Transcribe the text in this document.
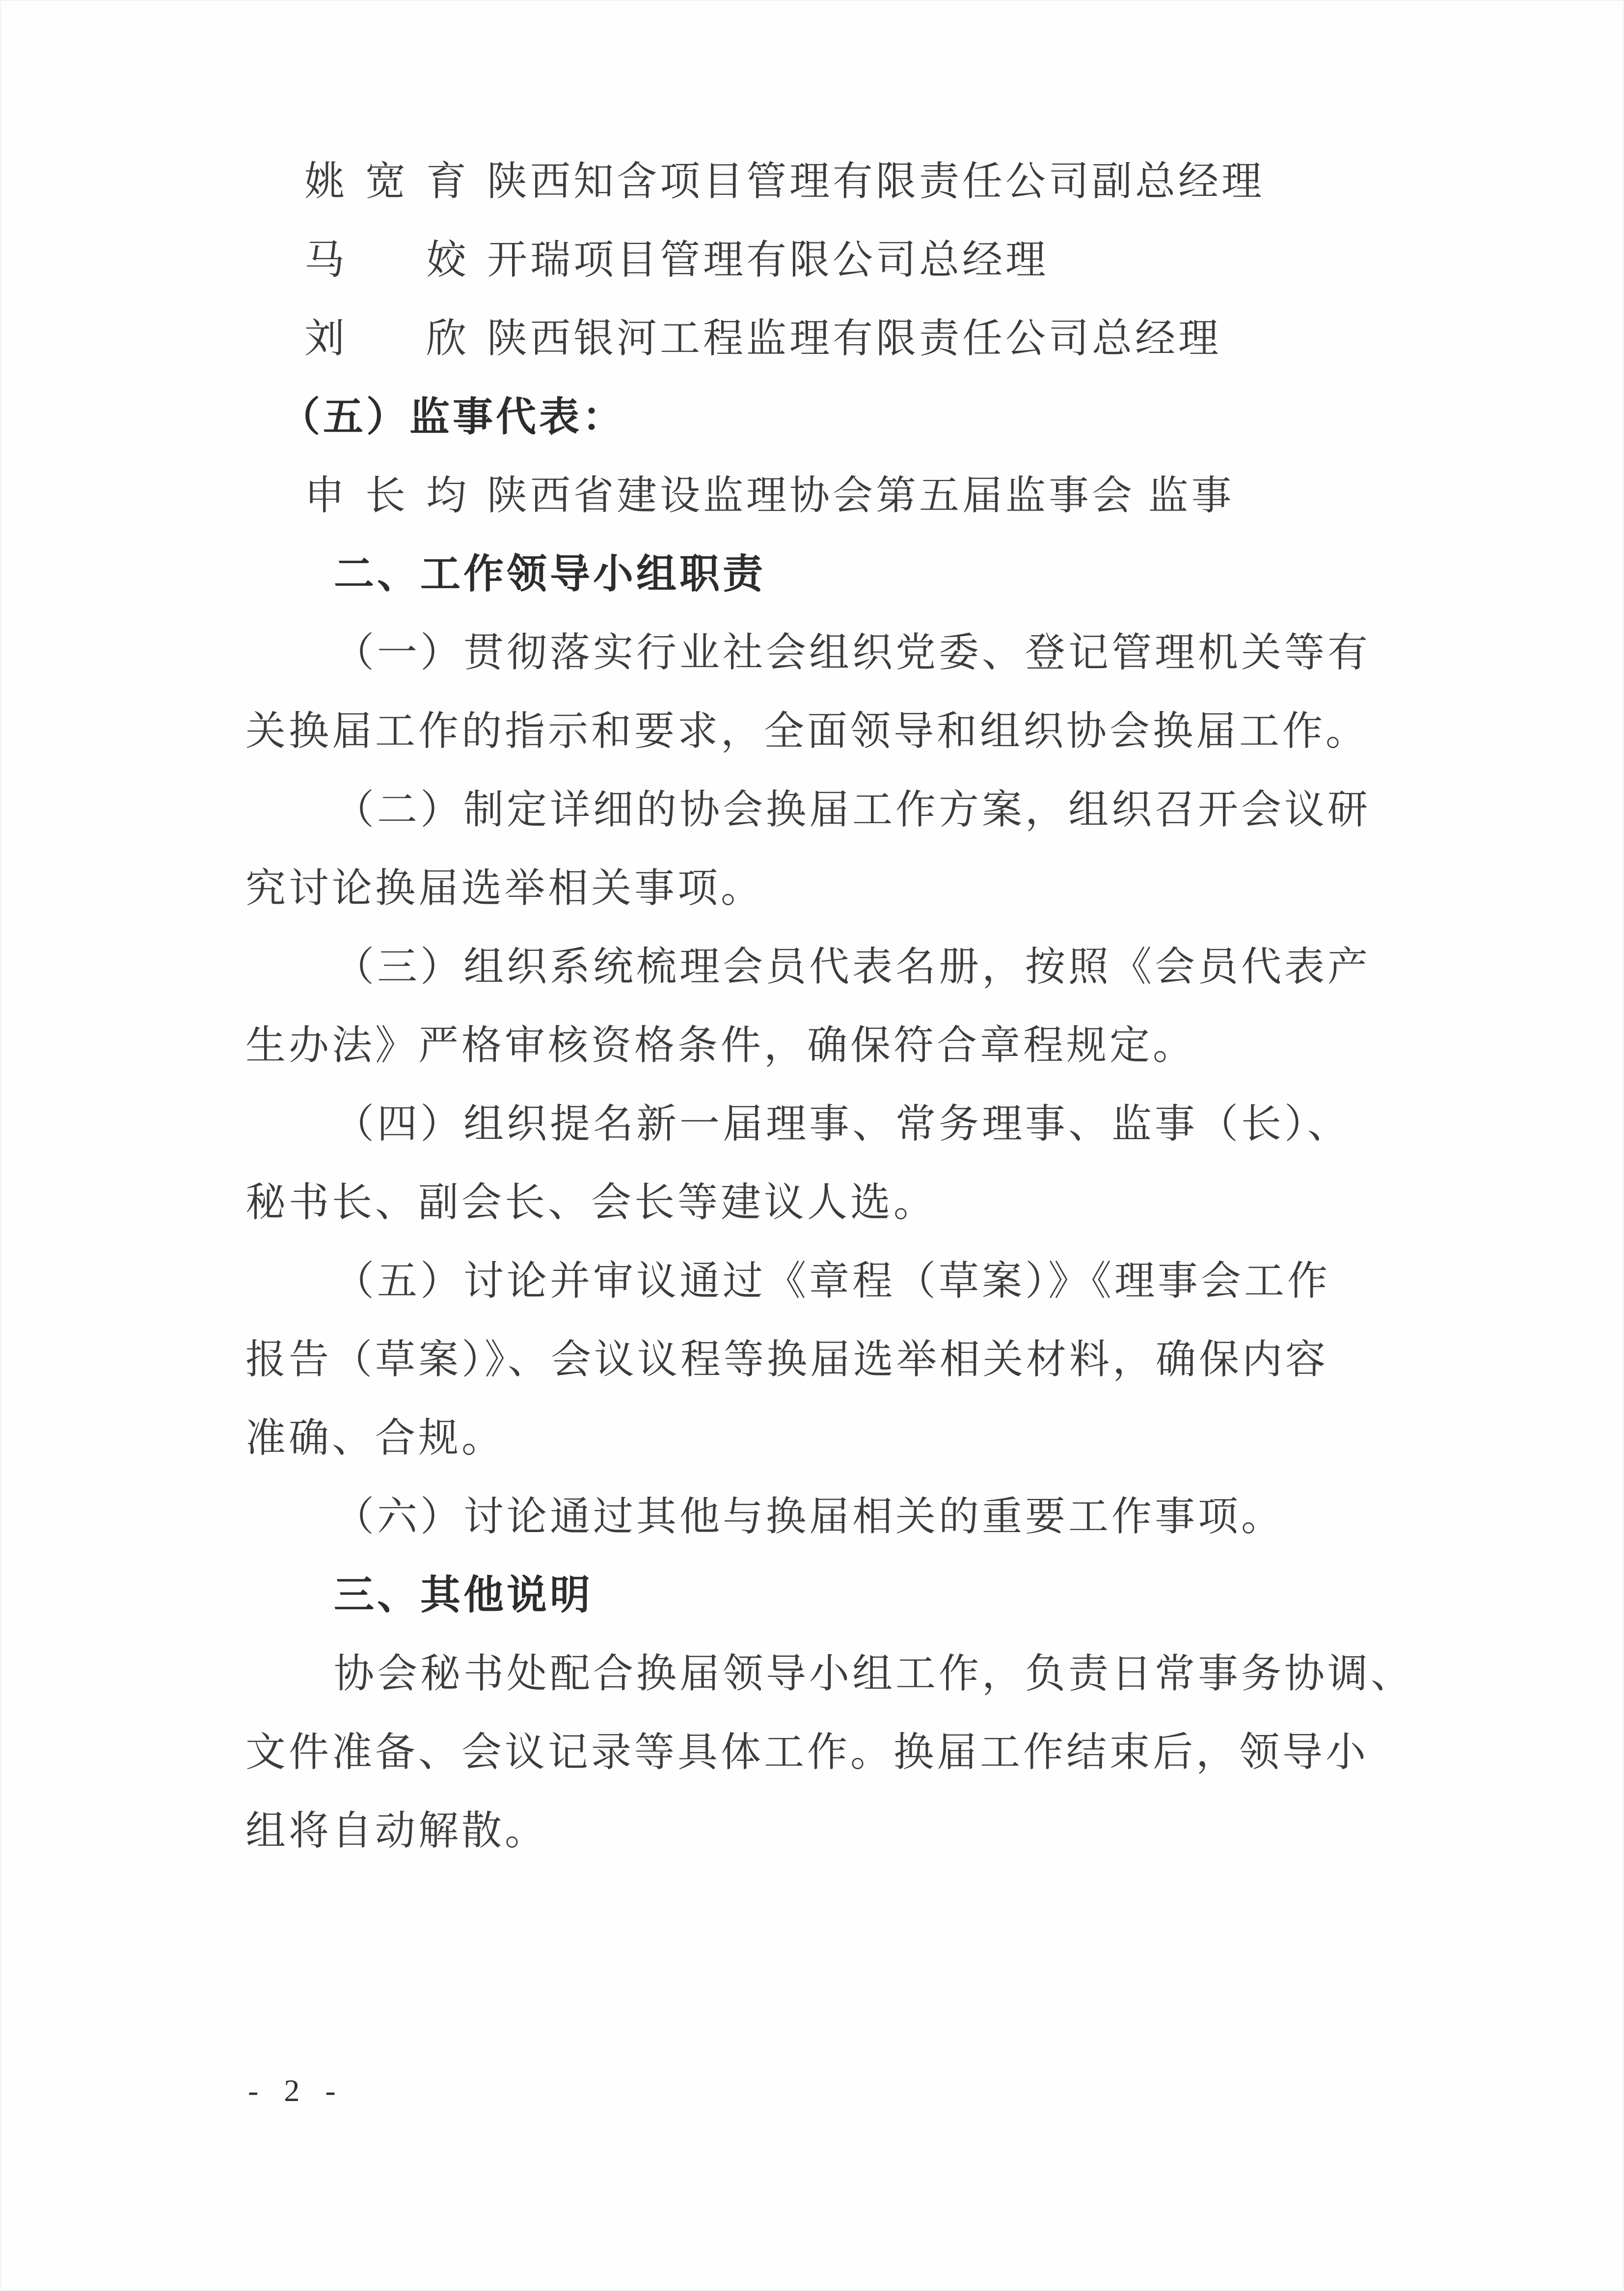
姚宽育 陕西知含项目管理有限责任公司副总经理

马姣 开瑞项目管理有限公司总经理

刘欣 陕西银河工程监理有限责任公司总经理

（五）监事代表：

申长均 陕西省建设监理协会第五届监事会 监事

二、工作领导小组职责

（一）贯彻落实行业社会组织党委、登记管理机关等有

关换届工作的指示和要求，全面领导和组织协会换届工作。

（二）制定详细的协会换届工作方案，组织召开会议研

究讨论换届选举相关事项。

（三）组织系统梳理会员代表名册，按照《会员代表产

生办法》严格审核资格条件，确保符合章程规定。

（四）组织提名新一届理事、常务理事、监事（长）、

秘书长、副会长、会长等建议人选。

（五）讨论并审议通过《章程（草案）》《理事会工作

报告（草案）》、会议议程等换届选举相关材料，确保内容

准确、合规。

（六）讨论通过其他与换届相关的重要工作事项。

三、其他说明

协会秘书处配合换届领导小组工作，负责日常事务协调、

文件准备、会议记录等具体工作。换届工作结束后，领导小

组将自动解散。

- 2 -
